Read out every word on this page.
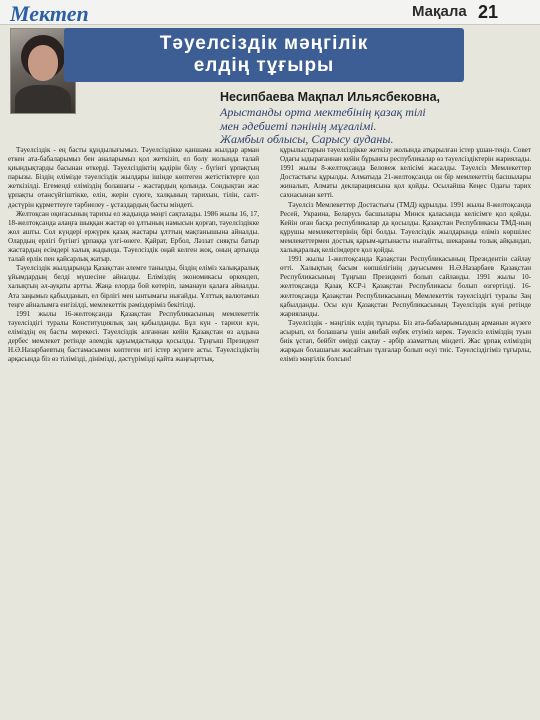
Мектеп	Мақала 21
Тәуелсіздік мәңгілік
елдің тұғыры
Несипбаева Мақпал Ильясбековна,
Арыстанды орта мектебінің қазақ тілі
мен әдебиеті пәнінің мұғалімі.
Жамбыл облысы, Сарысу ауданы.

Тәуелсіздік - ең басты құндылығымыз. Тәуелсіздікке қаншама жылдар арман еткен ата-бабаларымыз бен аналарымыз қол жеткізіп, ел болу жолында талай қиындықтарды басынан өткерді. Тәуелсіздіктің қадірін білу - бүгінгі ұрпақтың парызы. Біздің елімізде тәуелсіздік жылдары ішінде көптеген жетістіктерге қол жеткізілді. Егеменді еліміздің болашағы - жастардың қолында. Сондықтан жас ұрпақты отансүйгіштікке, елін, жерін сүюге, халқының тарихын, тілін, салт-дәстүрін құрметтеуге тәрбиелеу - ұстаздардың басты міндеті.

Желтоқсан оқиғасының тарихы ел жадында мәңгі сақталады. 1986 жылы 16, 17, 18-желтоқсанда алаңға шыққан жастар өз ұлтының намысын қорғап, тәуелсіздікке жол ашты. Сол күндері ержүрек қазақ жастары ұлттың мақтанышына айналды. Олардың ерлігі бүгінгі ұрпаққа үлгі-өнеге. Қайрат, Ербол, Ләззат сияқты батыр жастардың есімдері халық жадында. Тәуелсіздік оңай келген жоқ, оның артында талай ерлік пен қайсарлық жатыр.

Тәуелсіздік жылдарында Қазақстан әлемге танылды, біздің еліміз халықаралық ұйымдардың белді мүшесіне айналды. Еліміздің экономикасы өркендеп, халықтың әл-ауқаты артты. Жаңа елорда бой көтеріп, заманауи қалаға айналды. Ата заңымыз қабылданып, ел бірлігі мен ынтымағы нығайды. Ұлттық валютамыз теңге айналымға енгізілді, мемлекеттік рәміздеріміз бекітілді.

1991 жылы 16-желтоқсанда Қазақстан Республикасының мемлекеттік тәуелсіздігі туралы Конституциялық заң қабылданды. Бұл күн - тарихи күн, еліміздің ең басты мерекесі. Тәуелсіздік алғаннан кейін Қазақстан өз алдына дербес мемлекет ретінде әлемдік қауымдастыққа қосылды. Тұңғыш Президент Н.Ә.Назарбаевтың бастамасымен көптеген игі істер жүзеге асты. Тәуелсіздіктің арқасында біз өз тілімізді, дінімізді, дәстүрімізді қайта жаңғырттық.

құрылыстарын тәуелсіздікке жеткізу жолында атқарылған істер ұшан-теңіз. Совет Одағы ыдырағаннан кейін бұрынғы республикалар өз тәуелсіздіктерін жариялады. 1991 жылы 8-желтоқсанда Беловеж келісімі жасалды. Тәуелсіз Мемлекеттер Достастығы құрылды. Алматыда 21-желтоқсанда он бір мемлекеттің басшылары жиналып, Алматы декларациясына қол қойды. Осылайша Кеңес Одағы тарих сахнасынан кетті.

Тәуелсіз Мемлекеттер Достастығы (ТМД) құрылды. 1991 жылы 8-желтоқсанда Ресей, Украина, Беларусь басшылары Минск қаласында келісімге қол қойды. Кейін оған басқа республикалар да қосылды. Қазақстан Республикасы ТМД-ның құрушы мемлекеттерінің бірі болды. Тәуелсіздік жылдарында еліміз көршілес мемлекеттермен достық қарым-қатынасты нығайтты, шекараны толық айқындап, халықаралық келісімдерге қол қойды.

1991 жылы 1-желтоқсанда Қазақстан Республикасының Президентін сайлау өтті. Халықтың басым көпшілігінің дауысымен Н.Ә.Назарбаев Қазақстан Республикасының Тұңғыш Президенті болып сайланды. 1991 жылы 10-желтоқсанда Қазақ КСР-і Қазақстан Республикасы болып өзгертілді. 16-желтоқсанда Қазақстан Республикасының Мемлекеттік тәуелсіздігі туралы Заң қабылданды. Осы күн Қазақстан Республикасының Тәуелсіздік күні ретінде жарияланды.

Тәуелсіздік - мәңгілік елдің тұғыры. Біз ата-бабаларымыздың арманын жүзеге асырып, ел болашағы үшін аянбай еңбек етуіміз керек. Тәуелсіз еліміздің туын биік ұстап, бейбіт өмірді сақтау - әрбір азаматтың міндеті. Жас ұрпақ еліміздің жарқын болашағын жасайтын тұлғалар болып өсуі тиіс. Тәуелсіздігіміз тұғырлы, еліміз мәңгілік болсын!
